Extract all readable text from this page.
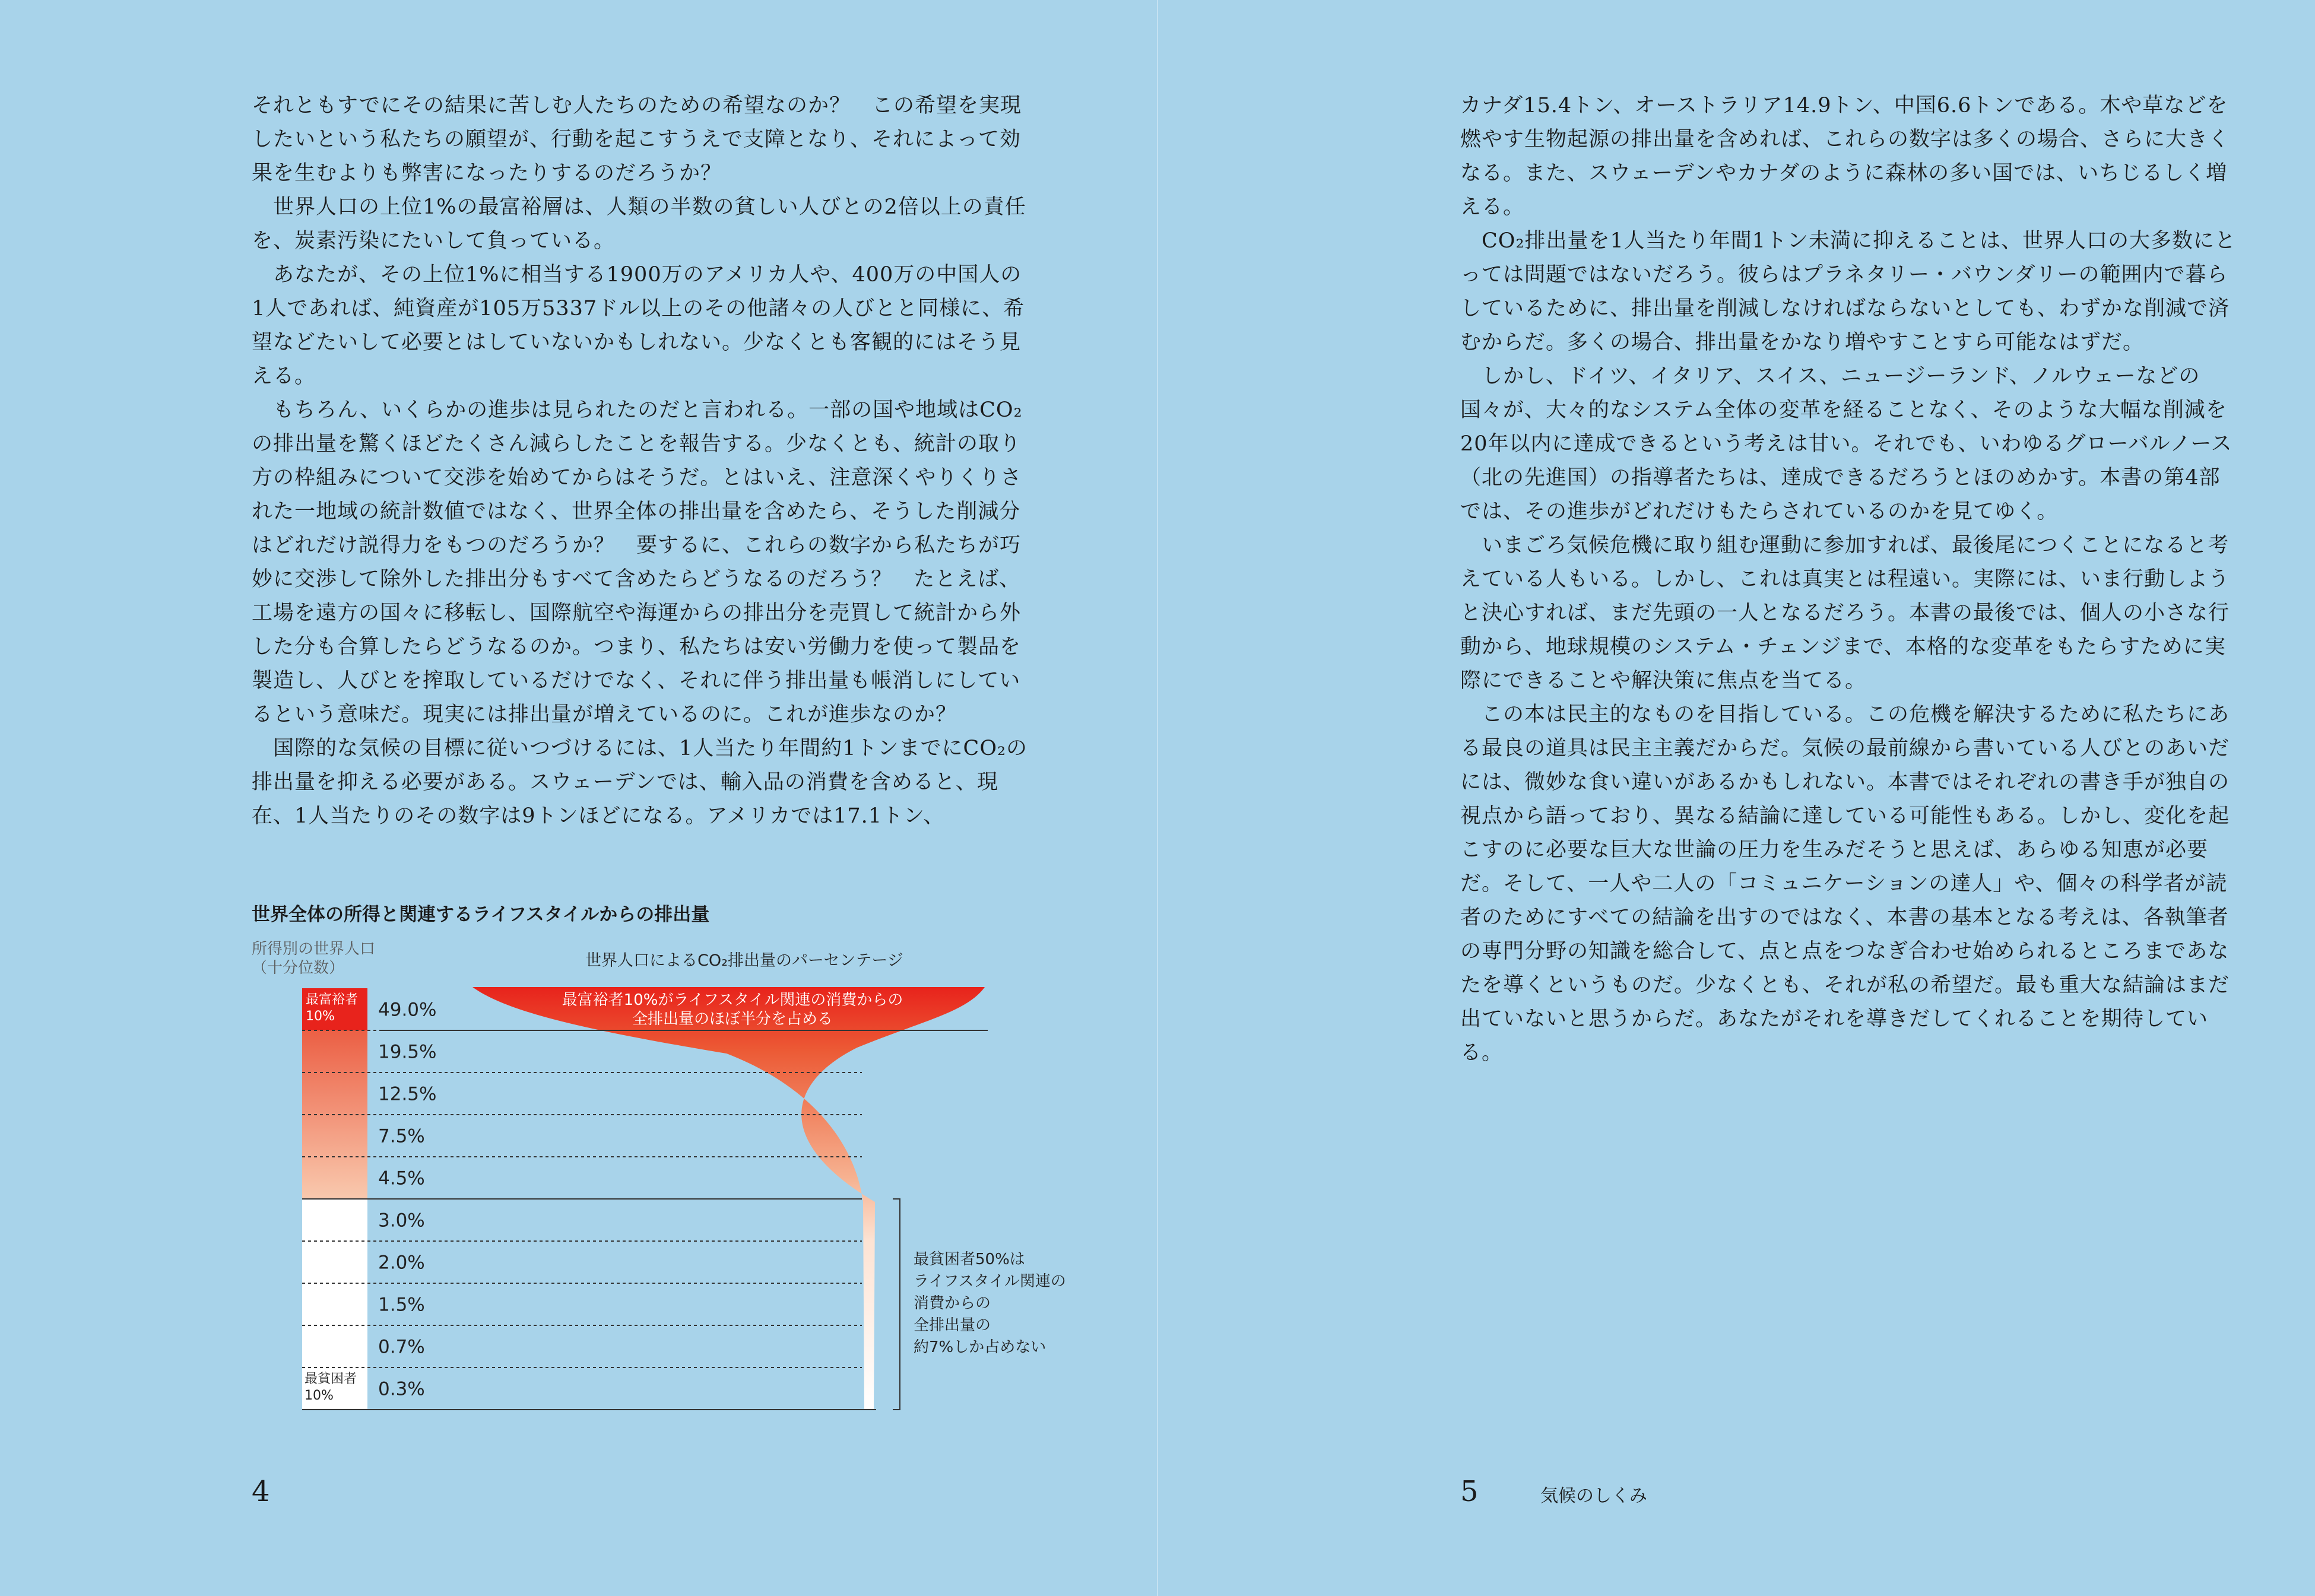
それともすでにその結果に苦しむ人たちのための希望なのか？　この希望を実現したいという私たちの願望が、行動を起こすうえで支障となり、それによって効果を生むよりも弊害になったりするのだろうか？

　世界人口の上位1%の最富裕層は、人類の半数の貧しい人びとの2倍以上の責任を、炭素汚染にたいして負っている。

　あなたが、その上位1%に相当する1900万のアメリカ人や、400万の中国人の1人であれば、純資産が105万5337ドル以上のその他諸々の人びとと同様に、希望などたいして必要とはしていないかもしれない。少なくとも客観的にはそう見える。

　もちろん、いくらかの進歩は見られたのだと言われる。一部の国や地域はCO₂の排出量を驚くほどたくさん減らしたことを報告する。少なくとも、統計の取り方の枠組みについて交渉を始めてからはそうだ。とはいえ、注意深くやりくりされた一地域の統計数値ではなく、世界全体の排出量を含めたら、そうした削減分はどれだけ説得力をもつのだろうか？　要するに、これらの数字から私たちが巧妙に交渉して除外した排出分もすべて含めたらどうなるのだろう？　たとえば、工場を遠方の国々に移転し、国際航空や海運からの排出分を売買して統計から外した分も合算したらどうなるのか。つまり、私たちは安い労働力を使って製品を製造し、人びとを搾取しているだけでなく、それに伴う排出量も帳消しにしているという意味だ。現実には排出量が増えているのに。これが進歩なのか？

　国際的な気候の目標に従いつづけるには、1人当たり年間約1トンまでにCO₂の排出量を抑える必要がある。スウェーデンでは、輸入品の消費を含めると、現在、1人当たりのその数字は9トンほどになる。アメリカでは17.1トン、

世界全体の所得と関連するライフスタイルからの排出量
所得別の世界人口
（十分位数）	世界人口によるCO₂排出量のパーセンテージ
49.0%
19.5%
12.5%
7.5%
4.5%
3.0%
2.0%
1.5%
0.7%
0.3%
最富裕者
10%
最貧困者
10%
最富裕者10%がライフスタイル関連の消費からの
全排出量のほぼ半分を占める
最貧困者50%は
ライフスタイル関連の
消費からの
全排出量の
約7%しか占めない

カナダ15.4トン、オーストラリア14.9トン、中国6.6トンである。木や草などを燃やす生物起源の排出量を含めれば、これらの数字は多くの場合、さらに大きくなる。また、スウェーデンやカナダのように森林の多い国では、いちじるしく増える。

　CO₂排出量を1人当たり年間1トン未満に抑えることは、世界人口の大多数にとっては問題ではないだろう。彼らはプラネタリー・バウンダリーの範囲内で暮らしているために、排出量を削減しなければならないとしても、わずかな削減で済むからだ。多くの場合、排出量をかなり増やすことすら可能なはずだ。

　しかし、ドイツ、イタリア、スイス、ニュージーランド、ノルウェーなどの国々が、大々的なシステム全体の変革を経ることなく、そのような大幅な削減を20年以内に達成できるという考えは甘い。それでも、いわゆるグローバルノース（北の先進国）の指導者たちは、達成できるだろうとほのめかす。本書の第4部では、その進歩がどれだけもたらされているのかを見てゆく。

　いまごろ気候危機に取り組む運動に参加すれば、最後尾につくことになると考えている人もいる。しかし、これは真実とは程遠い。実際には、いま行動しようと決心すれば、まだ先頭の一人となるだろう。本書の最後では、個人の小さな行動から、地球規模のシステム・チェンジまで、本格的な変革をもたらすために実際にできることや解決策に焦点を当てる。

　この本は民主的なものを目指している。この危機を解決するために私たちにある最良の道具は民主主義だからだ。気候の最前線から書いている人びとのあいだには、微妙な食い違いがあるかもしれない。本書ではそれぞれの書き手が独自の視点から語っており、異なる結論に達している可能性もある。しかし、変化を起こすのに必要な巨大な世論の圧力を生みだそうと思えば、あらゆる知恵が必要だ。そして、一人や二人の「コミュニケーションの達人」や、個々の科学者が読者のためにすべての結論を出すのではなく、本書の基本となる考えは、各執筆者の専門分野の知識を総合して、点と点をつなぎ合わせ始められるところまであなたを導くというものだ。少なくとも、それが私の希望だ。最も重大な結論はまだ出ていないと思うからだ。あなたがそれを導きだしてくれることを期待している。

4	5	気候のしくみ
